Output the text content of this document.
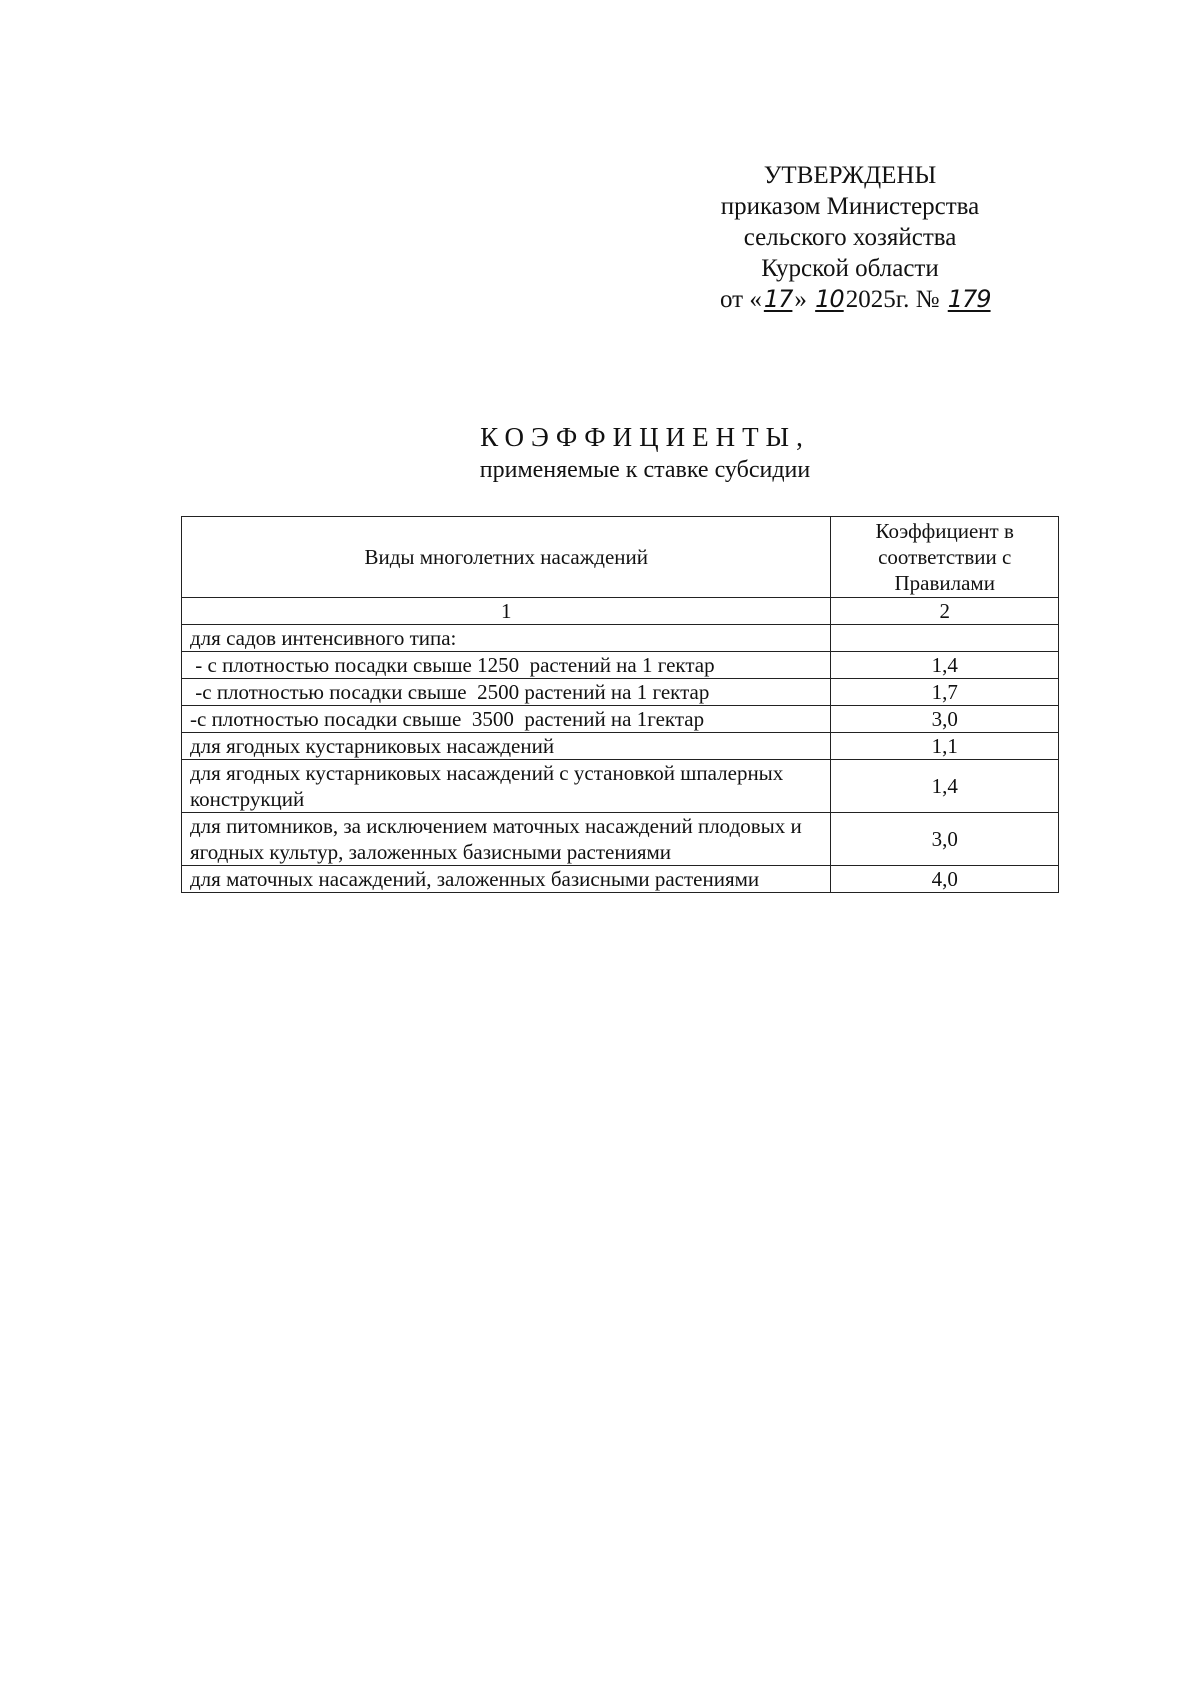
УТВЕРЖДЕНЫ
приказом Министерства
сельского хозяйства
Курской области
от «17» 102025г. № 179
КОЭФФИЦИЕНТЫ,
применяемые к ставке субсидии
Виды многолетних насаждений	Коэффициент в соответствии с Правилами
1	2
для садов интенсивного типа:	
- с плотностью посадки свыше 1250  растений на 1 гектар	1,4
-с плотностью посадки свыше  2500 растений на 1 гектар	1,7
-с плотностью посадки свыше  3500  растений на 1гектар	3,0
для ягодных кустарниковых насаждений	1,1
для ягодных кустарниковых насаждений с установкой шпалерных конструкций	1,4
для питомников, за исключением маточных насаждений плодовых и ягодных культур, заложенных базисными растениями	3,0
для маточных насаждений, заложенных базисными растениями	4,0
